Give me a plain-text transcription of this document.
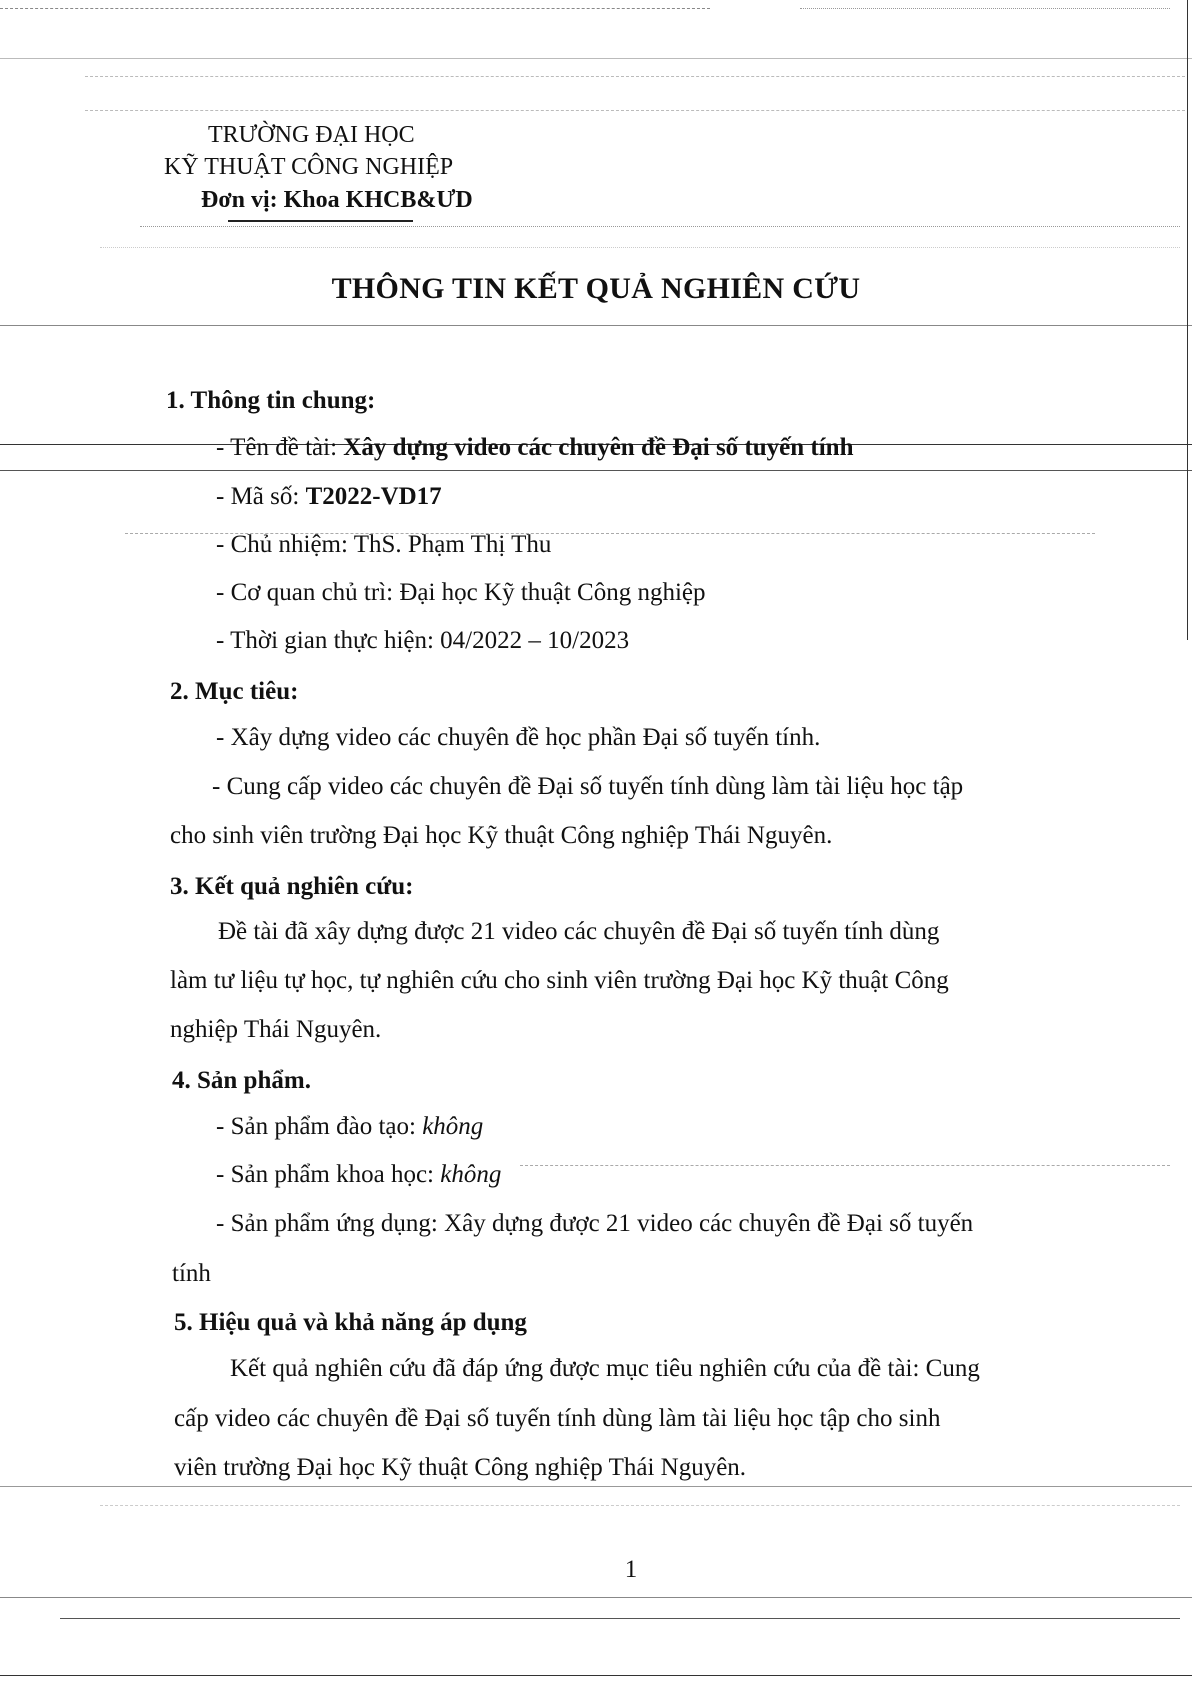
TRƯỜNG ĐẠI HỌC
KỸ THUẬT CÔNG NGHIỆP
Đơn vị: Khoa KHCB&ƯD
THÔNG TIN KẾT QUẢ NGHIÊN CỨU
1. Thông tin chung:
- Tên đề tài: Xây dựng video các chuyên đề Đại số tuyến tính
- Mã số: T2022-VD17
- Chủ nhiệm: ThS. Phạm Thị Thu
- Cơ quan chủ trì: Đại học Kỹ thuật Công nghiệp
- Thời gian thực hiện: 04/2022 – 10/2023
2. Mục tiêu:
- Xây dựng video các chuyên đề học phần Đại số tuyến tính.
- Cung cấp video các chuyên đề Đại số tuyến tính dùng làm tài liệu học tập
cho sinh viên trường Đại học Kỹ thuật Công nghiệp Thái Nguyên.
3. Kết quả nghiên cứu:
Đề tài đã xây dựng được 21 video các chuyên đề Đại số tuyến tính dùng
làm tư liệu tự học, tự nghiên cứu cho sinh viên trường Đại học Kỹ thuật Công
nghiệp Thái Nguyên.
4. Sản phẩm.
- Sản phẩm đào tạo: không
- Sản phẩm khoa học: không
- Sản phẩm ứng dụng: Xây dựng được 21 video các chuyên đề Đại số tuyến
tính
5. Hiệu quả và khả năng áp dụng
Kết quả nghiên cứu đã đáp ứng được mục tiêu nghiên cứu của đề tài: Cung
cấp video các chuyên đề Đại số tuyến tính dùng làm tài liệu học tập cho sinh
viên trường Đại học Kỹ thuật Công nghiệp Thái Nguyên.
1
